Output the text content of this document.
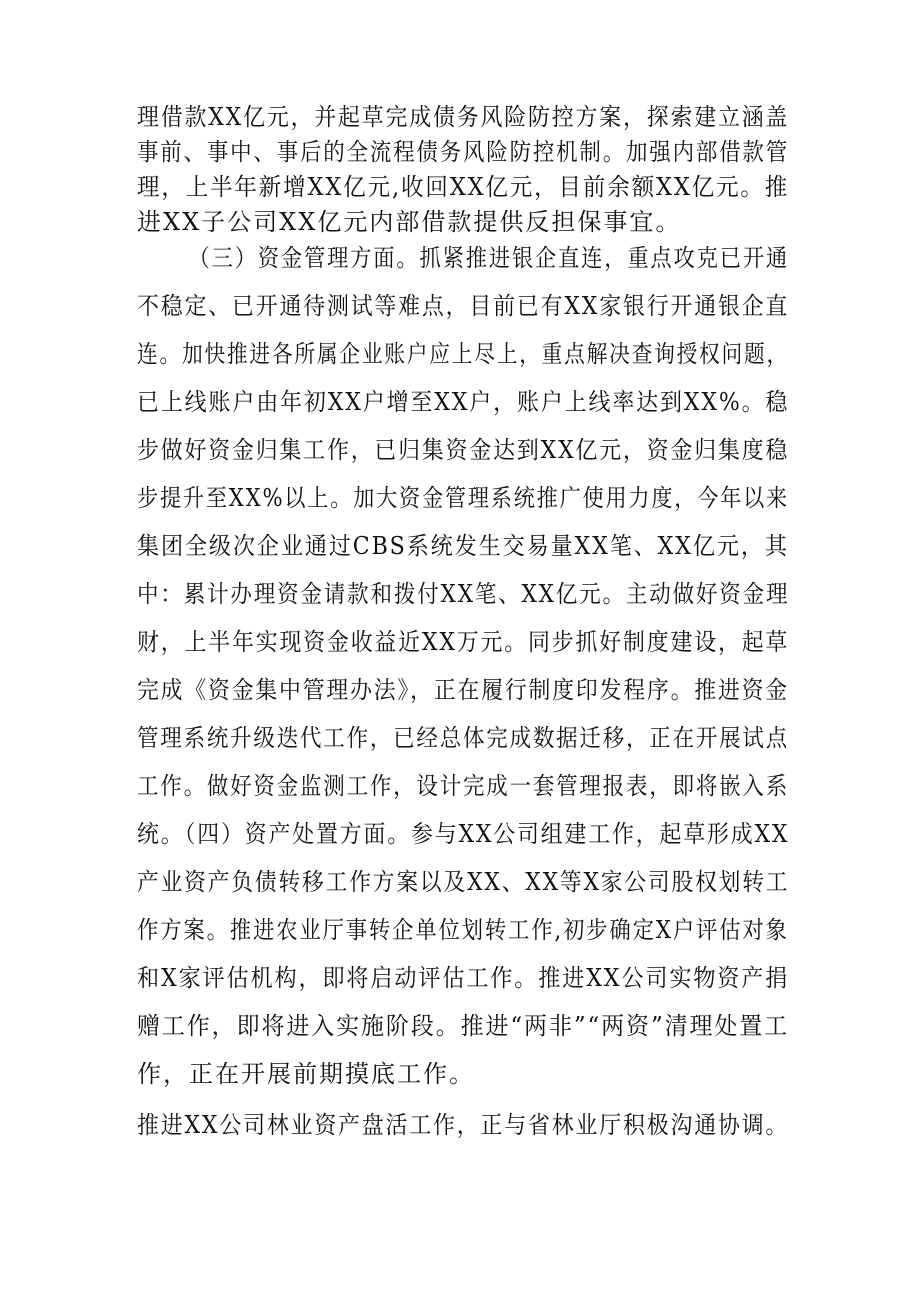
理借款XX亿元，并起草完成债务风险防控方案，探索建立涵盖
事前、事中、事后的全流程债务风险防控机制。加强内部借款管
理，上半年新增XX亿元,收回XX亿元，目前余额XX亿元。推
进XX子公司XX亿元内部借款提供反担保事宜。
（三）资金管理方面。抓紧推进银企直连，重点攻克已开通
不稳定、已开通待测试等难点，目前已有XX家银行开通银企直
连。加快推进各所属企业账户应上尽上，重点解决查询授权问题，
已上线账户由年初XX户增至XX户，账户上线率达到XX%。稳
步做好资金归集工作，已归集资金达到XX亿元，资金归集度稳
步提升至XX%以上。加大资金管理系统推广使用力度，今年以来
集团全级次企业通过CBS系统发生交易量XX笔、XX亿元，其
中：累计办理资金请款和拨付XX笔、XX亿元。主动做好资金理
财，上半年实现资金收益近XX万元。同步抓好制度建设，起草
完成《资金集中管理办法》，正在履行制度印发程序。推进资金
管理系统升级迭代工作，已经总体完成数据迁移，正在开展试点
工作。做好资金监测工作，设计完成一套管理报表，即将嵌入系
统。（四）资产处置方面。参与XX公司组建工作，起草形成XX
产业资产负债转移工作方案以及XX、XX等X家公司股权划转工
作方案。推进农业厅事转企单位划转工作,初步确定X户评估对象
和X家评估机构，即将启动评估工作。推进XX公司实物资产捐
赠工作，即将进入实施阶段。推进“两非”“两资”清理处置工
作，正在开展前期摸底工作。
推进XX公司林业资产盘活工作，正与省林业厅积极沟通协调。
